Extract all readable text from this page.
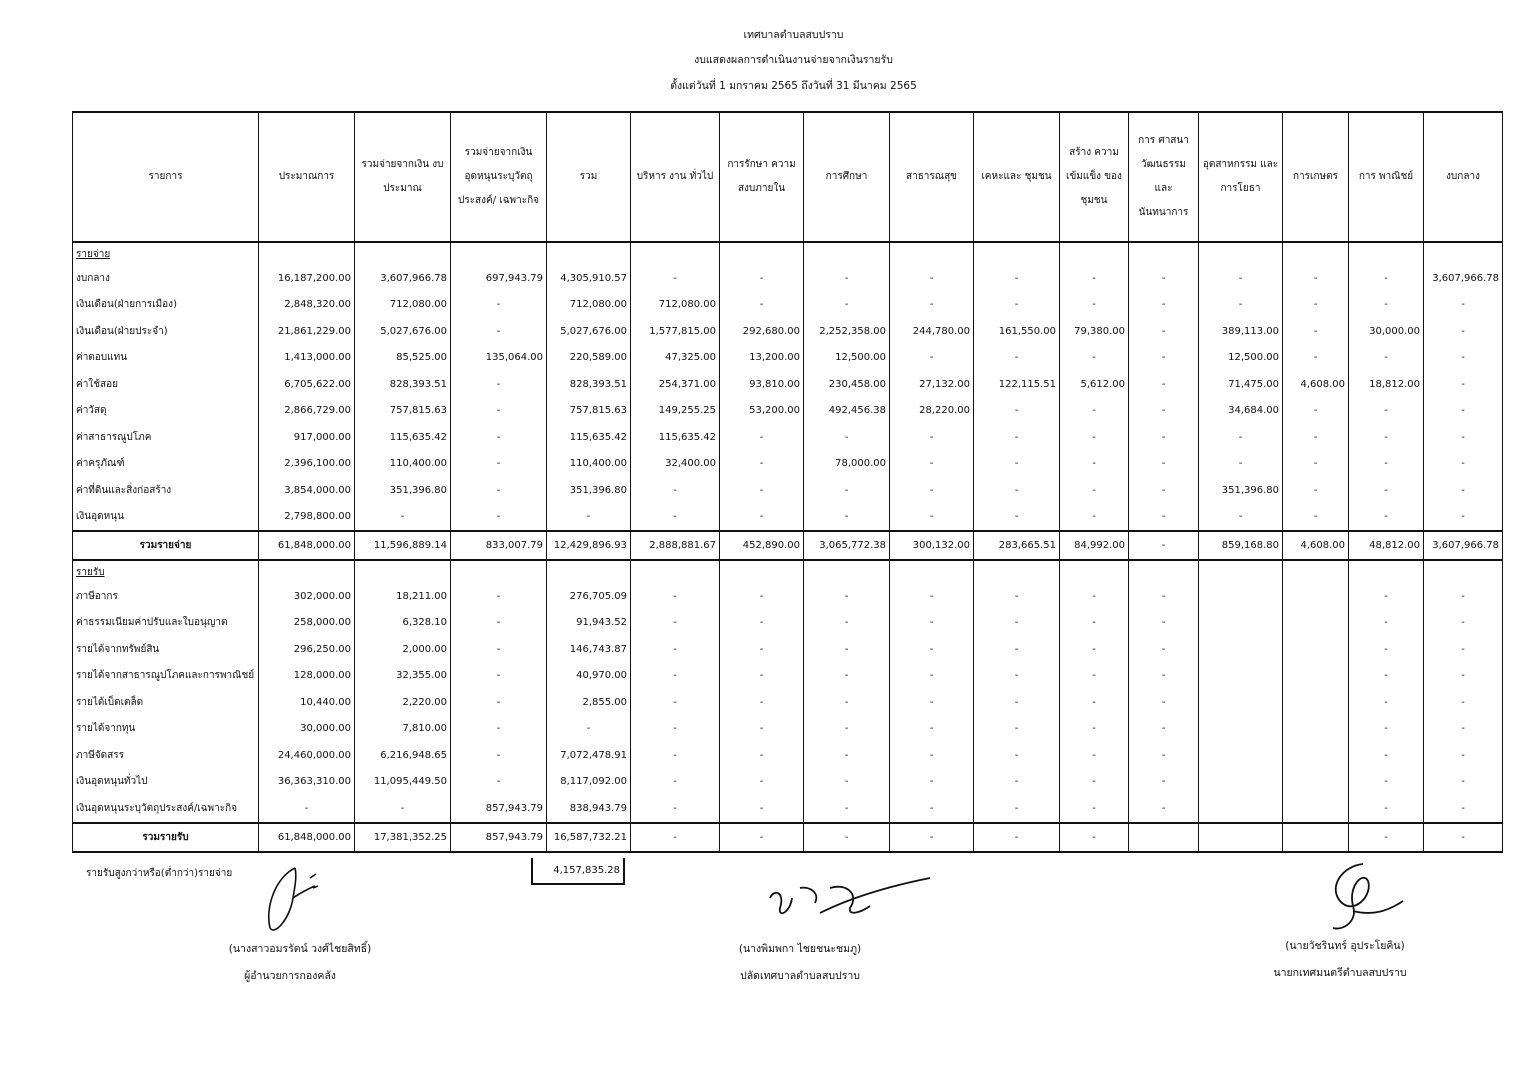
เทศบาลตำบลสบปราบ
งบแสดงผลการดำเนินงานจ่ายจากเงินรายรับ
ตั้งแต่วันที่ 1 มกราคม 2565 ถึงวันที่ 31 มีนาคม 2565
รายการ	ประมาณการ	รวมจ่ายจากเงิน งบประมาณ	รวมจ่ายจากเงิน อุดหนุนระบุวัตถุ ประสงค์/ เฉพาะกิจ	รวม	บริหาร งาน ทั่วไป	การรักษา ความ สงบภายใน	การศึกษา	สาธารณสุข	เคหะและ ชุมชน	สร้าง ความ เข้มแข็ง ของชุมชน	การ ศาสนา วัฒนธรรม และ นันทนาการ	อุตสาหกรรม และการโยธา	การเกษตร	การ พาณิชย์	งบกลาง
รายจ่าย															
งบกลาง	16,187,200.00	3,607,966.78	697,943.79	4,305,910.57	-	-	-	-	-	-	-	-	-	-	3,607,966.78
เงินเดือน(ฝ่ายการเมือง)	2,848,320.00	712,080.00	-	712,080.00	712,080.00	-	-	-	-	-	-	-	-	-	-
เงินเดือน(ฝ่ายประจำ)	21,861,229.00	5,027,676.00	-	5,027,676.00	1,577,815.00	292,680.00	2,252,358.00	244,780.00	161,550.00	79,380.00	-	389,113.00	-	30,000.00	-
ค่าตอบแทน	1,413,000.00	85,525.00	135,064.00	220,589.00	47,325.00	13,200.00	12,500.00	-	-	-	-	12,500.00	-	-	-
ค่าใช้สอย	6,705,622.00	828,393.51	-	828,393.51	254,371.00	93,810.00	230,458.00	27,132.00	122,115.51	5,612.00	-	71,475.00	4,608.00	18,812.00	-
ค่าวัสดุ	2,866,729.00	757,815.63	-	757,815.63	149,255.25	53,200.00	492,456.38	28,220.00	-	-	-	34,684.00	-	-	-
ค่าสาธารณูปโภค	917,000.00	115,635.42	-	115,635.42	115,635.42	-	-	-	-	-	-	-	-	-	-
ค่าครุภัณฑ์	2,396,100.00	110,400.00	-	110,400.00	32,400.00	-	78,000.00	-	-	-	-	-	-	-	-
ค่าที่ดินและสิ่งก่อสร้าง	3,854,000.00	351,396.80	-	351,396.80	-	-	-	-	-	-	-	351,396.80	-	-	-
เงินอุดหนุน	2,798,800.00	-	-	-	-	-	-	-	-	-	-	-	-	-	-
รวมรายจ่าย	61,848,000.00	11,596,889.14	833,007.79	12,429,896.93	2,888,881.67	452,890.00	3,065,772.38	300,132.00	283,665.51	84,992.00	-	859,168.80	4,608.00	48,812.00	3,607,966.78
รายรับ															
ภาษีอากร	302,000.00	18,211.00	-	276,705.09	-	-	-	-	-	-	-			-	-
ค่าธรรมเนียมค่าปรับและใบอนุญาต	258,000.00	6,328.10	-	91,943.52	-	-	-	-	-	-	-			-	-
รายได้จากทรัพย์สิน	296,250.00	2,000.00	-	146,743.87	-	-	-	-	-	-	-			-	-
รายได้จากสาธารณูปโภคและการพาณิชย์	128,000.00	32,355.00	-	40,970.00	-	-	-	-	-	-	-			-	-
รายได้เบ็ดเตล็ด	10,440.00	2,220.00	-	2,855.00	-	-	-	-	-	-	-			-	-
รายได้จากทุน	30,000.00	7,810.00	-	-	-	-	-	-	-	-	-			-	-
ภาษีจัดสรร	24,460,000.00	6,216,948.65	-	7,072,478.91	-	-	-	-	-	-	-			-	-
เงินอุดหนุนทั่วไป	36,363,310.00	11,095,449.50	-	8,117,092.00	-	-	-	-	-	-	-			-	-
เงินอุดหนุนระบุวัตถุประสงค์/เฉพาะกิจ	-	-	857,943.79	838,943.79	-	-	-	-	-	-	-			-	-
รวมรายรับ	61,848,000.00	17,381,352.25	857,943.79	16,587,732.21	-	-	-	-	-	-				-	-
รายรับสูงกว่าหรือ(ต่ำกว่า)รายจ่าย	4,157,835.28
(นางสาวอมรรัตน์ วงศ์ไชยสิทธิ์)
ผู้อำนวยการกองคลัง
(นางพิมพกา ไชยชนะชมภู)
ปลัดเทศบาลตำบลสบปราบ
(นายวัชรินทร์ อุประโยคิน)
นายกเทศมนตรีตำบลสบปราบ
